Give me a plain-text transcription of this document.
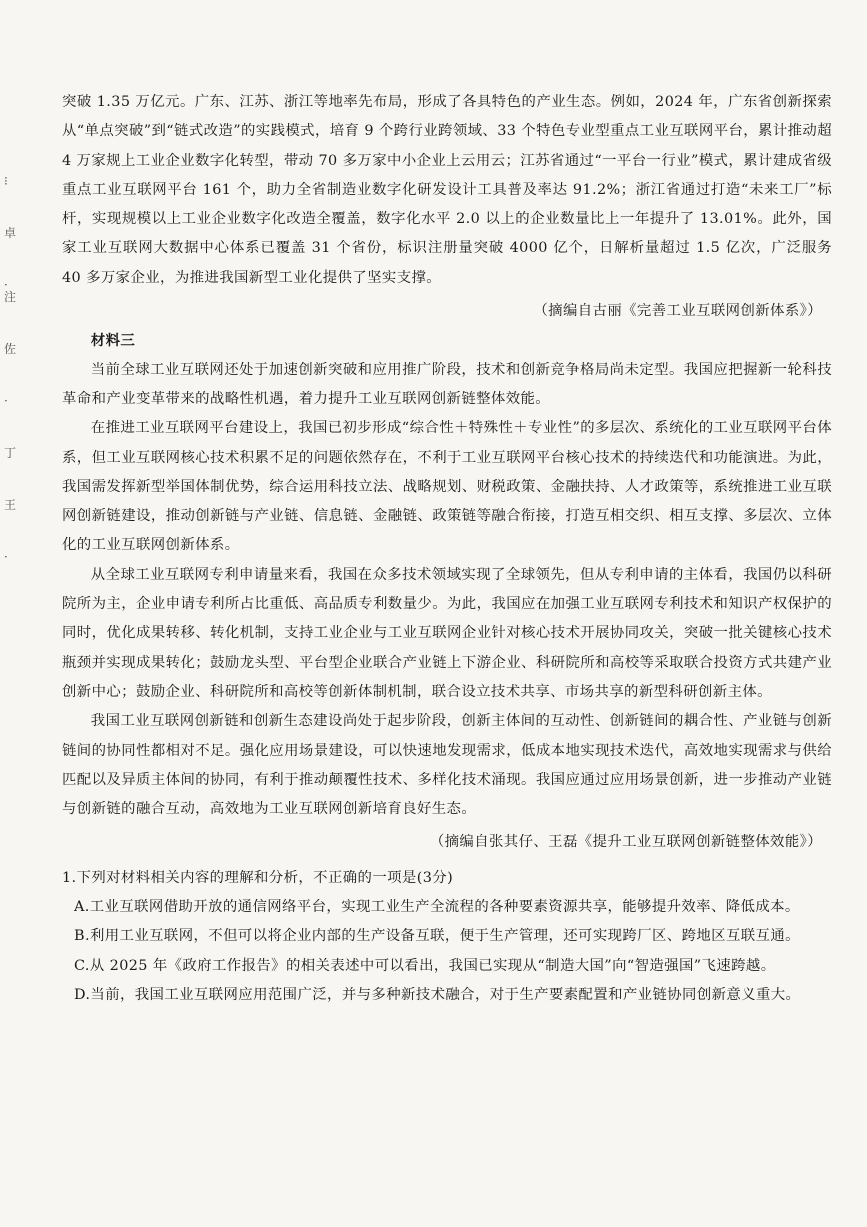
⁝
卓
·注
佐
·
丁
王
·

突破 1.35 万亿元。广东、江苏、浙江等地率先布局，形成了各具特色的产业生态。例如，2024 年，广东省创新探索从“单点突破”到“链式改造”的实践模式，培育 9 个跨行业跨领域、33 个特色专业型重点工业互联网平台，累计推动超 4 万家规上工业企业数字化转型，带动 70 多万家中小企业上云用云；江苏省通过“一平台一行业”模式，累计建成省级重点工业互联网平台 161 个，助力全省制造业数字化研发设计工具普及率达 91.2%；浙江省通过打造“未来工厂”标杆，实现规模以上工业企业数字化改造全覆盖，数字化水平 2.0 以上的企业数量比上一年提升了 13.01%。此外，国家工业互联网大数据中心体系已覆盖 31 个省份，标识注册量突破 4000 亿个，日解析量超过 1.5 亿次，广泛服务 40 多万家企业，为推进我国新型工业化提供了坚实支撑。

（摘编自古丽《完善工业互联网创新体系》）

材料三

当前全球工业互联网还处于加速创新突破和应用推广阶段，技术和创新竞争格局尚未定型。我国应把握新一轮科技革命和产业变革带来的战略性机遇，着力提升工业互联网创新链整体效能。

在推进工业互联网平台建设上，我国已初步形成“综合性＋特殊性＋专业性”的多层次、系统化的工业互联网平台体系，但工业互联网核心技术积累不足的问题依然存在，不利于工业互联网平台核心技术的持续迭代和功能演进。为此，我国需发挥新型举国体制优势，综合运用科技立法、战略规划、财税政策、金融扶持、人才政策等，系统推进工业互联网创新链建设，推动创新链与产业链、信息链、金融链、政策链等融合衔接，打造互相交织、相互支撑、多层次、立体化的工业互联网创新体系。

从全球工业互联网专利申请量来看，我国在众多技术领域实现了全球领先，但从专利申请的主体看，我国仍以科研院所为主，企业申请专利所占比重低、高品质专利数量少。为此，我国应在加强工业互联网专利技术和知识产权保护的同时，优化成果转移、转化机制，支持工业企业与工业互联网企业针对核心技术开展协同攻关，突破一批关键核心技术瓶颈并实现成果转化；鼓励龙头型、平台型企业联合产业链上下游企业、科研院所和高校等采取联合投资方式共建产业创新中心；鼓励企业、科研院所和高校等创新体制机制，联合设立技术共享、市场共享的新型科研创新主体。

我国工业互联网创新链和创新生态建设尚处于起步阶段，创新主体间的互动性、创新链间的耦合性、产业链与创新链间的协同性都相对不足。强化应用场景建设，可以快速地发现需求，低成本地实现技术迭代，高效地实现需求与供给匹配以及异质主体间的协同，有利于推动颠覆性技术、多样化技术涌现。我国应通过应用场景创新，进一步推动产业链与创新链的融合互动，高效地为工业互联网创新培育良好生态。

（摘编自张其仔、王磊《提升工业互联网创新链整体效能》）

1.下列对材料相关内容的理解和分析，不正确的一项是(3分)

A.工业互联网借助开放的通信网络平台，实现工业生产全流程的各种要素资源共享，能够提升效率、降低成本。

B.利用工业互联网，不但可以将企业内部的生产设备互联，便于生产管理，还可实现跨厂区、跨地区互联互通。

C.从 2025 年《政府工作报告》的相关表述中可以看出，我国已实现从“制造大国”向“智造强国”飞速跨越。

D.当前，我国工业互联网应用范围广泛，并与多种新技术融合，对于生产要素配置和产业链协同创新意义重大。
